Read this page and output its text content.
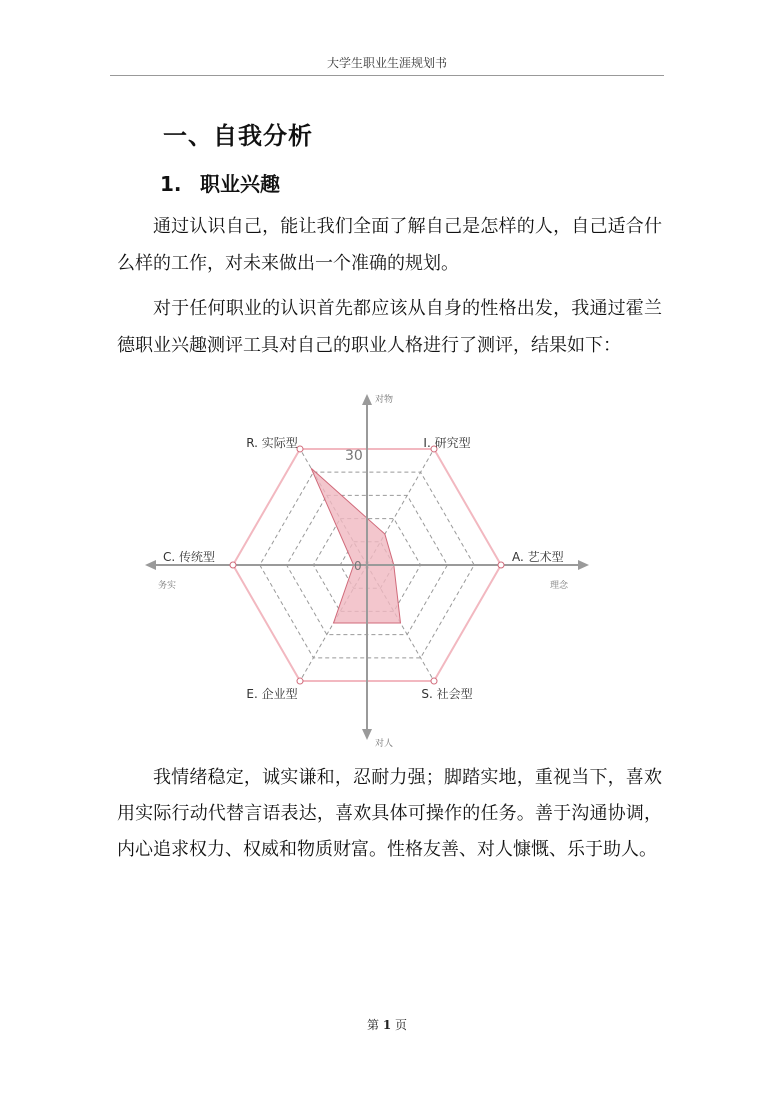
大学生职业生涯规划书
一、自我分析
1. 职业兴趣
通过认识自己，能让我们全面了解自己是怎样的人，自己适合什么样的工作，对未来做出一个准确的规划。
对于任何职业的认识首先都应该从自身的性格出发，我通过霍兰德职业兴趣测评工具对自己的职业人格进行了测评，结果如下：
R. 实际型	I. 研究型
A. 艺术型
S. 社会型
E. 企业型
C. 传统型
30
0
对物
对人
务实	理念
我情绪稳定，诚实谦和，忍耐力强；脚踏实地，重视当下，喜欢用实际行动代替言语表达，喜欢具体可操作的任务。善于沟通协调，内心追求权力、权威和物质财富。性格友善、对人慷慨、乐于助人。
第 1 页
